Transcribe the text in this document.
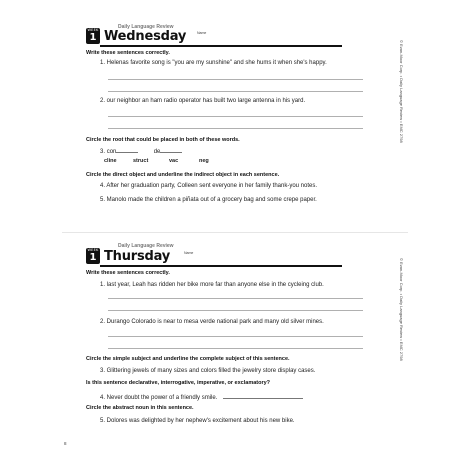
WEEK
1
Daily Language Review
Wednesday	Name
Write these sentences correctly.
1. Helenas favorite song is "you are my sunshine" and she hums it when she's happy.
2. our neighbor an ham radio operator has built two large antenna in his yard.
Circle the root that could be placed in both of these words.
3. con	de
cline	struct	vac	neg
Circle the direct object and underline the indirect object in each sentence.
4. After her graduation party, Colleen sent everyone in her family thank-you notes.
5. Manolo made the children a piñata out of a grocery bag and some crepe paper.
WEEK
1
Daily Language Review
Thursday	Name
Write these sentences correctly.
1. last year, Leah has ridden her bike more far than anyone else in the cycleing club.
2. Durango Colorado is near to mesa verde national park and many old silver mines.
Circle the simple subject and underline the complete subject of this sentence.
3. Glittering jewels of many sizes and colors filled the jewelry store display cases.
Is this sentence declarative, interrogative, imperative, or exclamatory?
4. Never doubt the power of a friendly smile.
Circle the abstract noun in this sentence.
5. Dolores was delighted by her nephew's excitement about his new bike.
© Evan-Moor Corp. • Daily Language Review • EMC 2798
© Evan-Moor Corp. • Daily Language Review • EMC 2798
8
